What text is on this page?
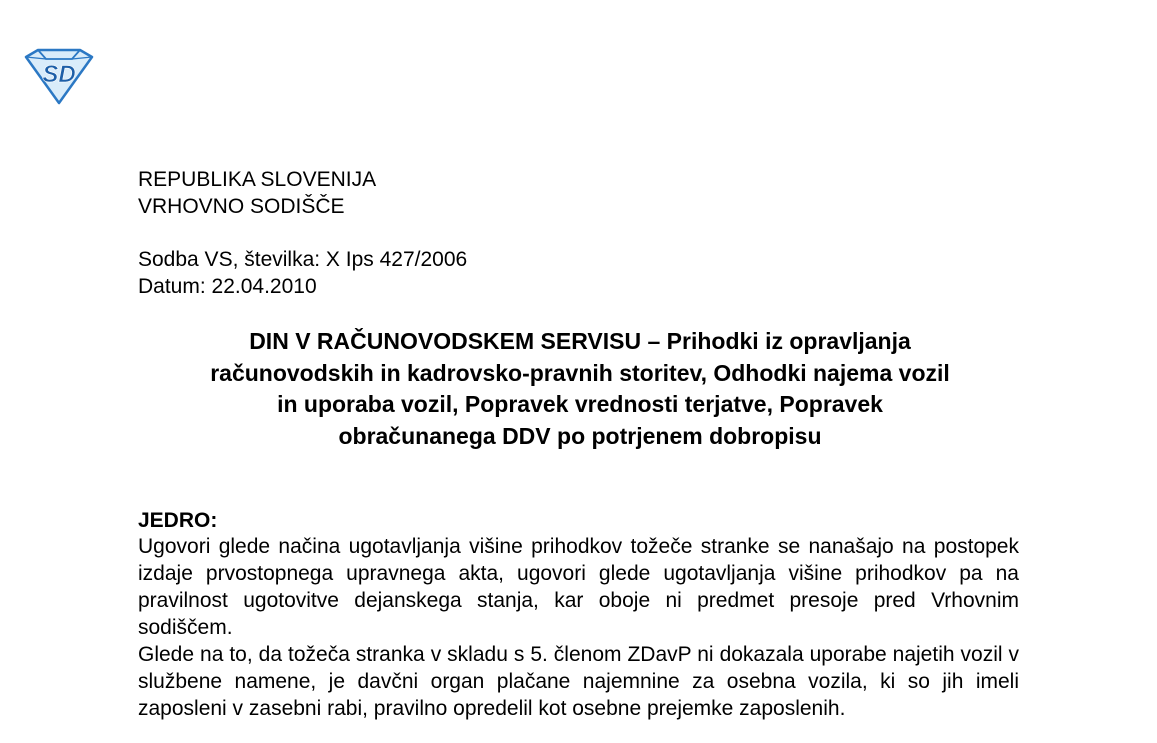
SD
REPUBLIKA SLOVENIJA
VRHOVNO SODIŠČE
Sodba VS, številka: X Ips 427/2006
Datum: 22.04.2010
DIN V RAČUNOVODSKEM SERVISU – Prihodki iz opravljanja
računovodskih in kadrovsko-pravnih storitev, Odhodki najema vozil
in uporaba vozil, Popravek vrednosti terjatve, Popravek
obračunanega DDV po potrjenem dobropisu
JEDRO:

Ugovori glede načina ugotavljanja višine prihodkov tožeče stranke se nanašajo na postopek izdaje prvostopnega upravnega akta, ugovori glede ugotavljanja višine prihodkov pa na pravilnost ugotovitve dejanskega stanja, kar oboje ni predmet presoje pred Vrhovnim sodiščem.

Glede na to, da tožeča stranka v skladu s 5. členom ZDavP ni dokazala uporabe najetih vozil v službene namene, je davčni organ plačane najemnine za osebna vozila, ki so jih imeli zaposleni v zasebni rabi, pravilno opredelil kot osebne prejemke zaposlenih.
